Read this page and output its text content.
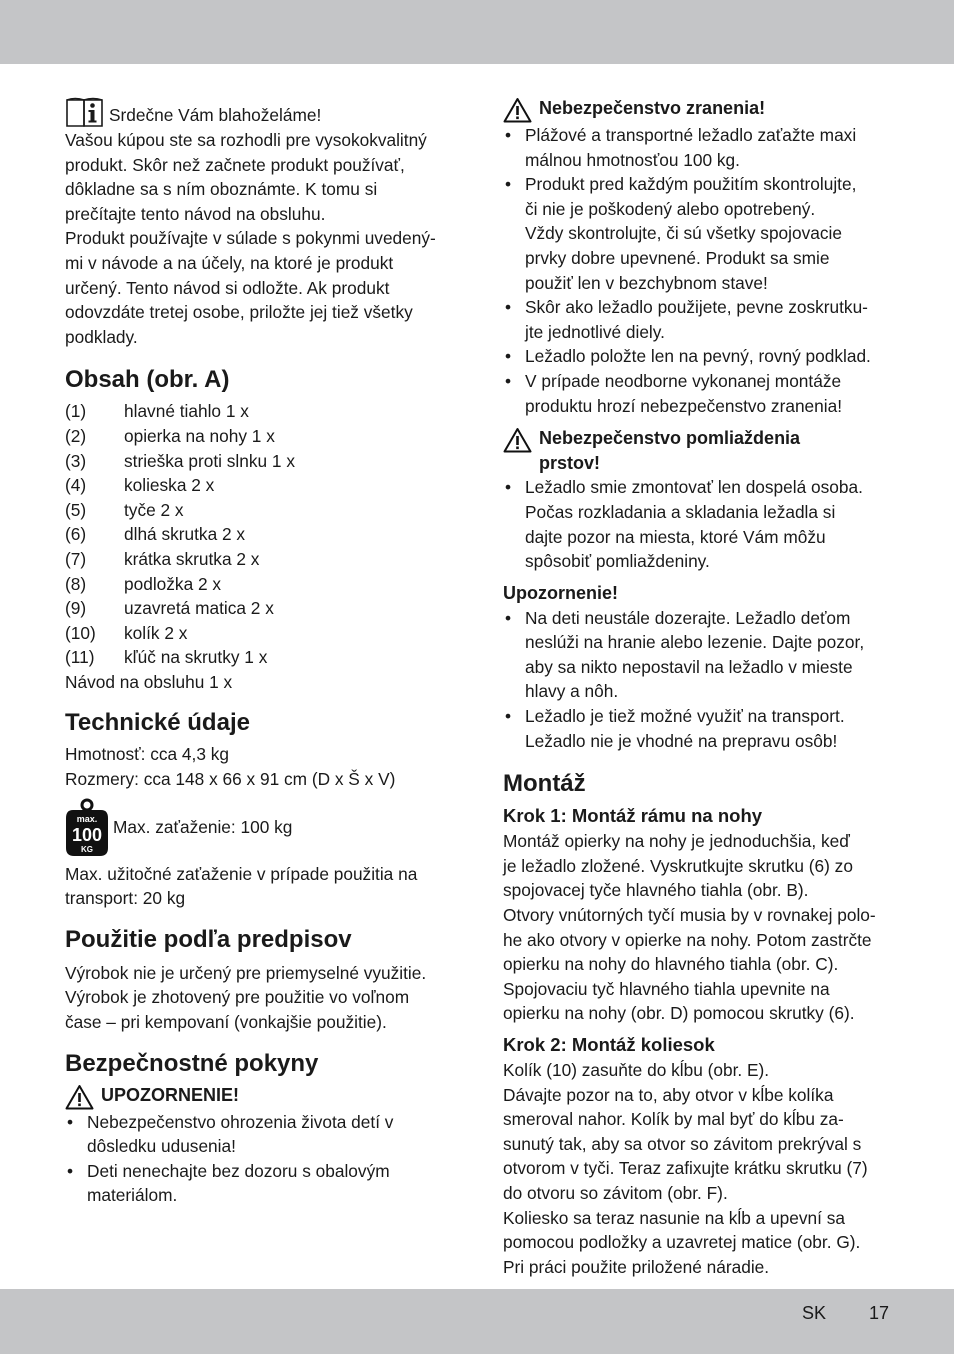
Srdečne Vám blahoželáme!

Vašou kúpou ste sa rozhodli pre vysokokvalitný

produkt. Skôr než začnete produkt používať,

dôkladne sa s ním oboznámte. K tomu si

prečítajte tento návod na obsluhu.

Produkt používajte v súlade s pokynmi uvedený-

mi v návode a na účely, na ktoré je produkt

určený. Tento návod si odložte. Ak produkt

odovzdáte tretej osobe, priložte jej tiež všetky

podklady.

Obsah (obr. A)
(1)	hlavné tiahlo 1 x
(2)	opierka na nohy 1 x
(3)	strieška proti slnku 1 x
(4)	kolieska 2 x
(5)	tyče 2 x
(6)	dlhá skrutka 2 x
(7)	krátka skrutka 2 x
(8)	podložka 2 x
(9)	uzavretá matica 2 x
(10)	kolík 2 x
(11)	kľúč na skrutky 1 x

Návod na obsluhu 1 x

Technické údaje

Hmotnosť: cca 4,3 kg

Rozmery: cca 148 x 66 x 91 cm (D x Š x V)

max.
100
KG
Max. zaťaženie: 100 kg

Max. užitočné zaťaženie v prípade použitia na

transport: 20 kg

Použitie podľa predpisov

Výrobok nie je určený pre priemyselné využitie.

Výrobok je zhotovený pre použitie vo voľnom

čase – pri kempovaní (vonkajšie použitie).

Bezpečnostné pokyny
UPOZORNENIE!
• Nebezpečenstvo ohrozenia života detí v
dôsledku udusenia!
• Deti nenechajte bez dozoru s obalovým
materiálom.
Nebezpečenstvo zranenia!
• Plážové a transportné ležadlo zaťažte maxi
málnou hmotnosťou 100 kg.
• Produkt pred každým použitím skontrolujte,
či nie je poškodený alebo opotrebený.
Vždy skontrolujte, či sú všetky spojovacie
prvky dobre upevnené. Produkt sa smie
použiť len v bezchybnom stave!
• Skôr ako ležadlo použijete, pevne zoskrutku-
jte jednotlivé diely.
• Ležadlo položte len na pevný, rovný podklad.
• V prípade neodborne vykonanej montáže
produktu hrozí nebezpečenstvo zranenia!
Nebezpečenstvo pomliaždenia
prstov!
• Ležadlo smie zmontovať len dospelá osoba.
Počas rozkladania a skladania ležadla si
dajte pozor na miesta, ktoré Vám môžu
spôsobiť pomliaždeniny.
Upozornenie!
• Na deti neustále dozerajte. Ležadlo deťom
neslúži na hranie alebo lezenie. Dajte pozor,
aby sa nikto nepostavil na ležadlo v mieste
hlavy a nôh.
• Ležadlo je tiež možné využiť na transport.
Ležadlo nie je vhodné na prepravu osôb!
Montáž
Krok 1: Montáž rámu na nohy

Montáž opierky na nohy je jednoduchšia, keď

je ležadlo zložené. Vyskrutkujte skrutku (6) zo

spojovacej tyče hlavného tiahla (obr. B).

Otvory vnútorných tyčí musia by v rovnakej polo-

he ako otvory v opierke na nohy. Potom zastrčte

opierku na nohy do hlavného tiahla (obr. C).

Spojovaciu tyč hlavného tiahla upevnite na

opierku na nohy (obr. D) pomocou skrutky (6).

Krok 2: Montáž koliesok

Kolík (10) zasuňte do kĺbu (obr. E).

Dávajte pozor na to, aby otvor v kĺbe kolíka

smeroval nahor. Kolík by mal byť do kĺbu za-

sunutý tak, aby sa otvor so závitom prekrýval s

otvorom v tyči. Teraz zafixujte krátku skrutku (7)

do otvoru so závitom (obr. F).

Koliesko sa teraz nasunie na kĺb a upevní sa

pomocou podložky a uzavretej matice (obr. G).

Pri práci použite priložené náradie.

SK 17
